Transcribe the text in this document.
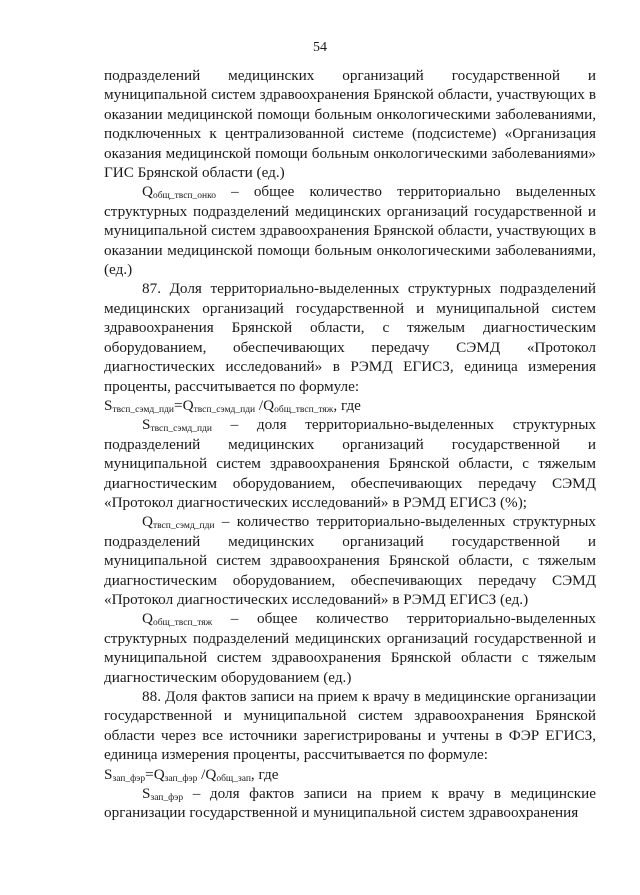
54

подразделений медицинских организаций государственной и муниципальной систем здравоохранения Брянской области, участвующих в оказании медицинской помощи больным онкологическими заболеваниями, подключенных к централизованной системе (подсистеме) «Организация оказания медицинской помощи больным онкологическими заболеваниями» ГИС Брянской области (ед.)

$Q_{общ\_твсп\_онко}$ – общее количество территориально выделенных структурных подразделений медицинских организаций государственной и муниципальной систем здравоохранения Брянской области, участвующих в оказании медицинской помощи больным онкологическими заболеваниями, (ед.)

87. Доля территориально-выделенных структурных подразделений медицинских организаций государственной и муниципальной систем здравоохранения Брянской области, с тяжелым диагностическим оборудованием, обеспечивающих передачу СЭМД «Протокол диагностических исследований» в РЭМД ЕГИСЗ, единица измерения проценты, рассчитывается по формуле:

$S_{твсп\_сэмд\_пди}=Q_{твсп\_сэмд\_пди}$ $/Q_{общ\_твсп\_тяж}$, где

$S_{твсп\_сэмд\_пди}$ – доля территориально-выделенных структурных подразделений медицинских организаций государственной и муниципальной систем здравоохранения Брянской области, с тяжелым диагностическим оборудованием, обеспечивающих передачу СЭМД «Протокол диагностических исследований» в РЭМД ЕГИСЗ (%);

$Q_{твсп\_сэмд\_пди}$ – количество территориально-выделенных структурных подразделений медицинских организаций государственной и муниципальной систем здравоохранения Брянской области, с тяжелым диагностическим оборудованием, обеспечивающих передачу СЭМД «Протокол диагностических исследований» в РЭМД ЕГИСЗ (ед.)

$Q_{общ\_твсп\_тяж}$ – общее количество территориально-выделенных структурных подразделений медицинских организаций государственной и муниципальной систем здравоохранения Брянской области с тяжелым диагностическим оборудованием (ед.)

88. Доля фактов записи на прием к врачу в медицинские организации государственной и муниципальной систем здравоохранения Брянской области через все источники зарегистрированы и учтены в ФЭР ЕГИСЗ, единица измерения проценты, рассчитывается по формуле:

$S_{зап\_фэр}=Q_{зап\_фэр}$ $/Q_{общ\_зап}$, где

$S_{зап\_фэр}$ – доля фактов записи на прием к врачу в медицинские организации государственной и муниципальной систем здравоохранения
